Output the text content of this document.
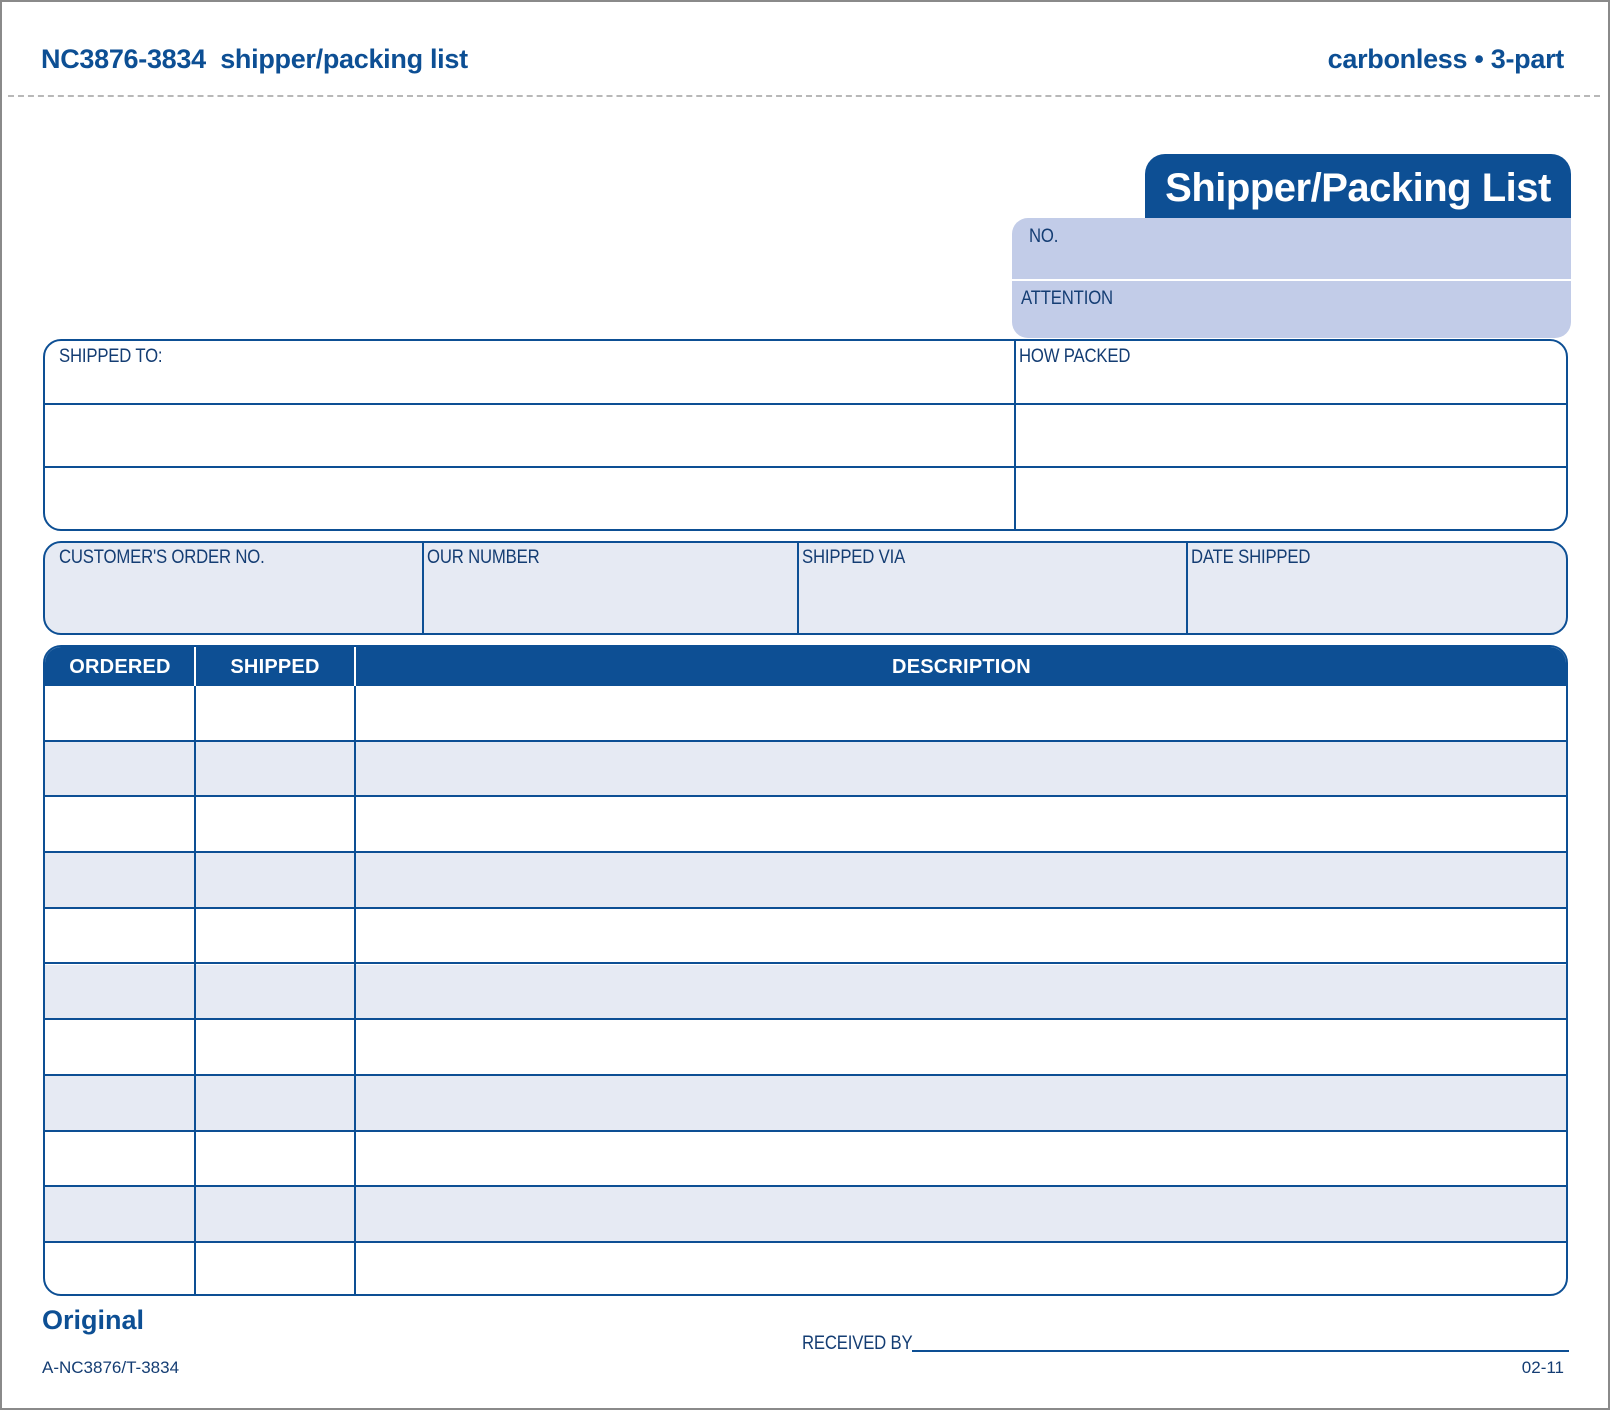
NC3876-3834  shipper/packing list	carbonless • 3-part
Shipper/Packing List
NO.
ATTENTION
SHIPPED TO:	HOW PACKED
CUSTOMER'S ORDER NO.	OUR NUMBER	SHIPPED VIA	DATE SHIPPED
ORDERED	SHIPPED	DESCRIPTION
Original
RECEIVED BY
A-NC3876/T-3834	02-11
